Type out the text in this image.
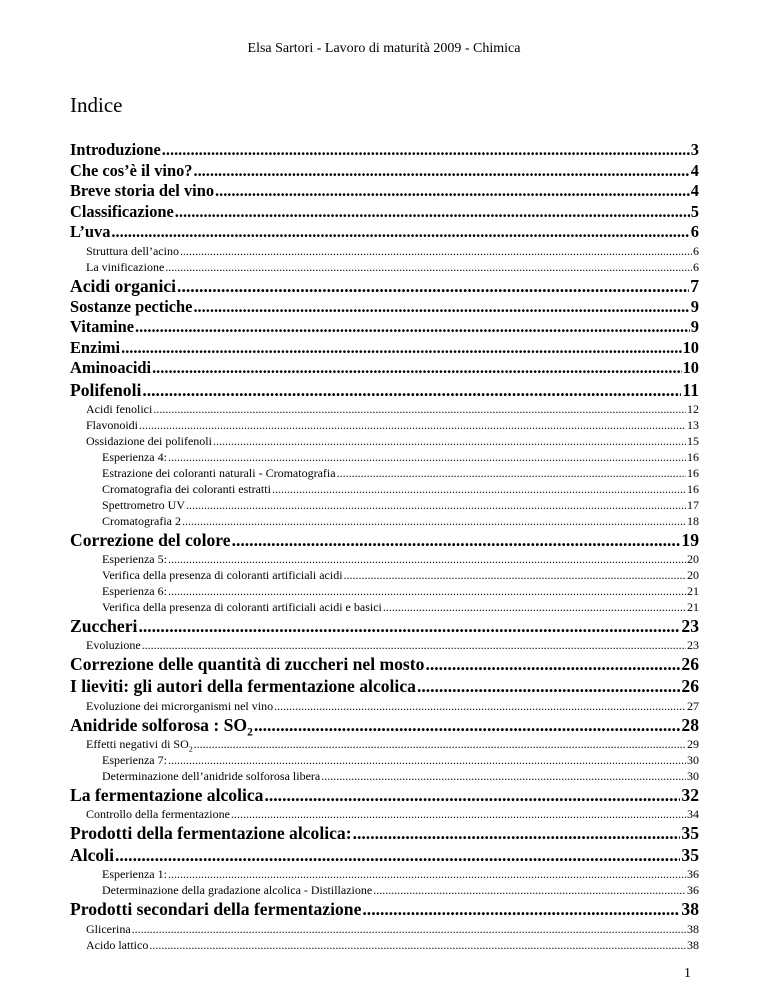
Elsa Sartori - Lavoro di maturità 2009 - Chimica
Indice
Introduzione .....	3
Che cos’è il vino? .....	4
Breve storia del vino .....	4
Classificazione .....	5
L’uva .....	6
Struttura dell’acino .....	6
La vinificazione .....	6
Acidi organici .....	7
Sostanze pectiche .....	9
Vitamine .....	9
Enzimi .....	10
Aminoacidi .....	10
Polifenoli .....	11
Acidi fenolici .....	12
Flavonoidi .....	13
Ossidazione dei polifenoli .....	15
Esperienza 4: .....	16
Estrazione dei coloranti naturali - Cromatografia .....	16
Cromatografia dei coloranti estratti .....	16
Spettrometro UV .....	17
Cromatografia 2 .....	18
Correzione del colore .....	19
Esperienza 5: .....	20
Verifica della presenza di coloranti artificiali acidi .....	20
Esperienza 6: .....	21
Verifica della presenza di coloranti artificiali acidi e basici .....	21
Zuccheri .....	23
Evoluzione .....	23
Correzione delle quantità di zuccheri nel mosto .....	26
I lieviti: gli autori della fermentazione alcolica .....	26
Evoluzione dei microrganismi nel vino .....	27
Anidride solforosa : $SO_2$ .....	28
Effetti negativi di $SO_2$ .....	29
Esperienza 7: .....	30
Determinazione dell’anidride solforosa libera .....	30
La fermentazione alcolica .....	32
Controllo della fermentazione .....	34
Prodotti della fermentazione alcolica: .....	35
Alcoli .....	35
Esperienza 1: .....	36
Determinazione della gradazione alcolica - Distillazione .....	36
Prodotti secondari della fermentazione .....	38
Glicerina .....	38
Acido lattico .....	38
1
